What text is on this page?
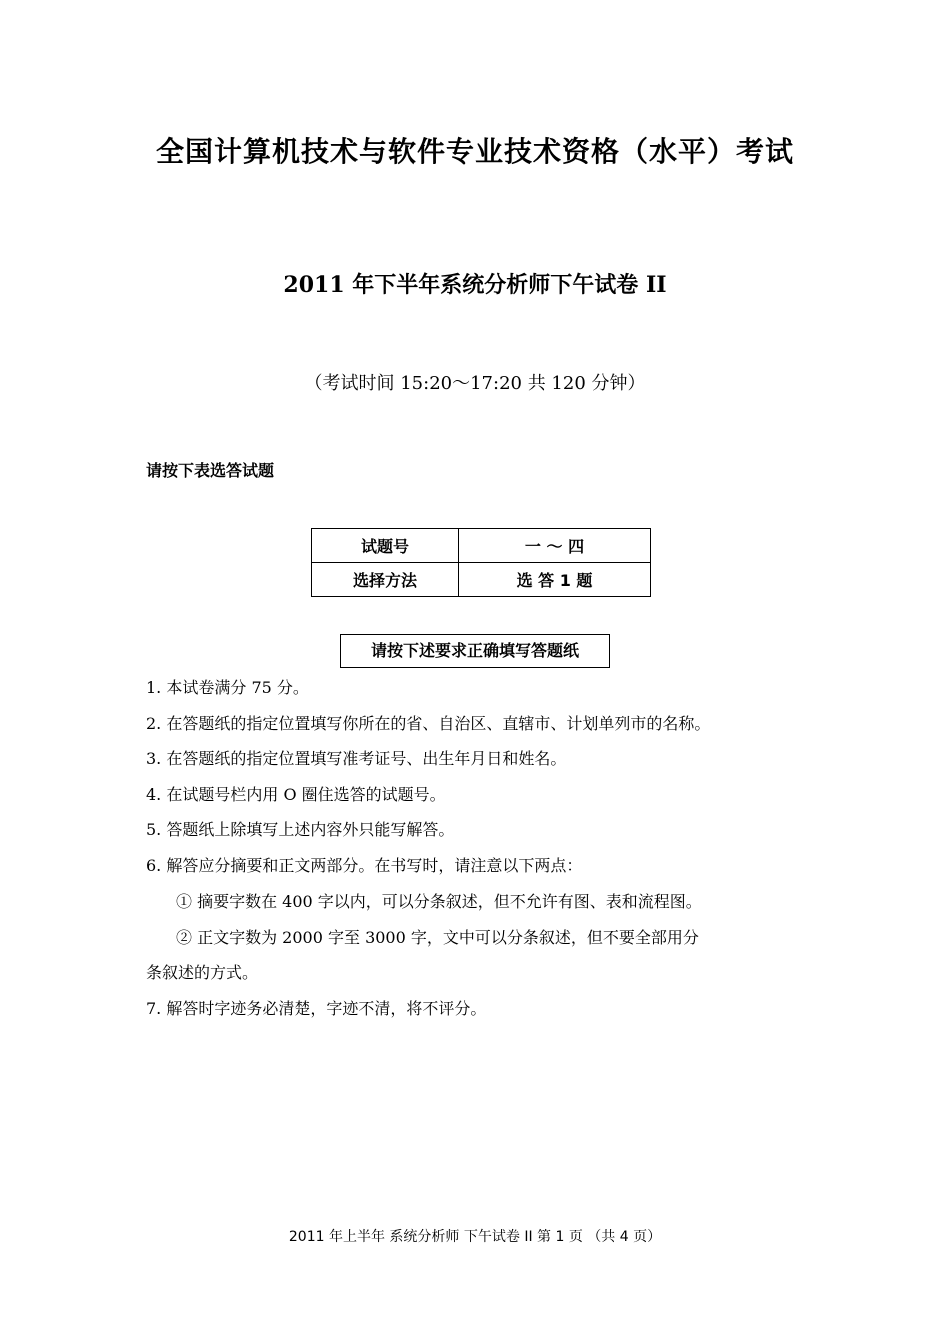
全国计算机技术与软件专业技术资格（水平）考试
2011 年下半年系统分析师下午试卷 II
（考试时间 15:20～17:20 共 120 分钟）
请按下表选答试题
试题号	一 ～ 四
选择方法	选 答 1 题
请按下述要求正确填写答题纸
1. 本试卷满分 75 分。
2. 在答题纸的指定位置填写你所在的省、自治区、直辖市、计划单列市的名称。
3. 在答题纸的指定位置填写准考证号、出生年月日和姓名。
4. 在试题号栏内用 O 圈住选答的试题号。
5. 答题纸上除填写上述内容外只能写解答。
6. 解答应分摘要和正文两部分。在书写时，请注意以下两点：
① 摘要字数在 400 字以内，可以分条叙述，但不允许有图、表和流程图。
② 正文字数为 2000 字至 3000 字，文中可以分条叙述，但不要全部用分
条叙述的方式。
7. 解答时字迹务必清楚，字迹不清，将不评分。
2011 年上半年 系统分析师 下午试卷 II 第 1 页 （共 4 页）
